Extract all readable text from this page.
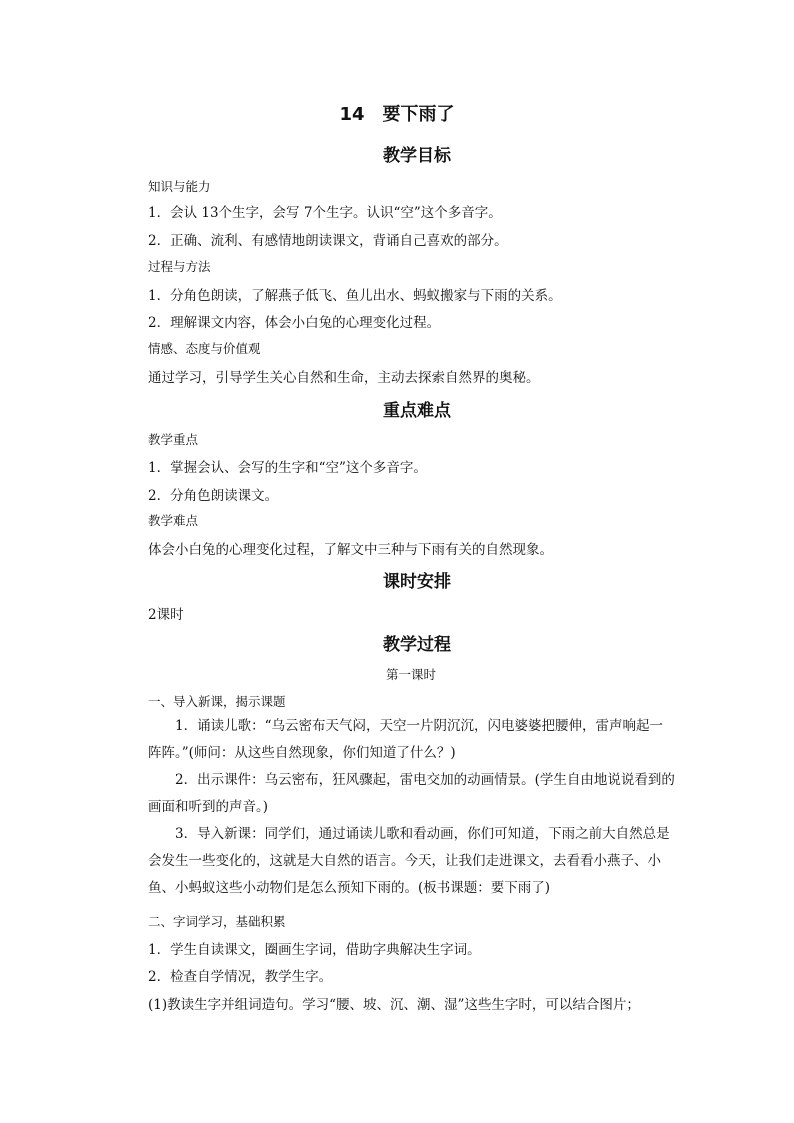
14　要下雨了
教学目标
知识与能力
1．会认 13个生字，会写 7个生字。认识“空”这个多音字。
2．正确、流利、有感情地朗读课文，背诵自己喜欢的部分。
过程与方法
1．分角色朗读，了解燕子低飞、鱼儿出水、蚂蚁搬家与下雨的关系。
2．理解课文内容，体会小白兔的心理变化过程。
情感、态度与价值观
通过学习，引导学生关心自然和生命，主动去探索自然界的奥秘。
重点难点
教学重点
1．掌握会认、会写的生字和“空”这个多音字。
2．分角色朗读课文。
教学难点
体会小白兔的心理变化过程，了解文中三种与下雨有关的自然现象。
课时安排
2课时
教学过程
第一课时
一、导入新课，揭示课题
1．诵读儿歌：“乌云密布天气闷，天空一片阴沉沉，闪电婆婆把腰伸，雷声响起一阵阵。”(师问：从这些自然现象，你们知道了什么？)
2．出示课件：乌云密布，狂风骤起，雷电交加的动画情景。(学生自由地说说看到的画面和听到的声音。)
3．导入新课：同学们，通过诵读儿歌和看动画，你们可知道，下雨之前大自然总是会发生一些变化的，这就是大自然的语言。今天，让我们走进课文，去看看小燕子、小鱼、小蚂蚁这些小动物们是怎么预知下雨的。(板书课题：要下雨了)
二、字词学习，基础积累
1．学生自读课文，圈画生字词，借助字典解决生字词。
2．检查自学情况，教学生字。
(1)教读生字并组词造句。学习“腰、坡、沉、潮、湿”这些生字时，可以结合图片；
